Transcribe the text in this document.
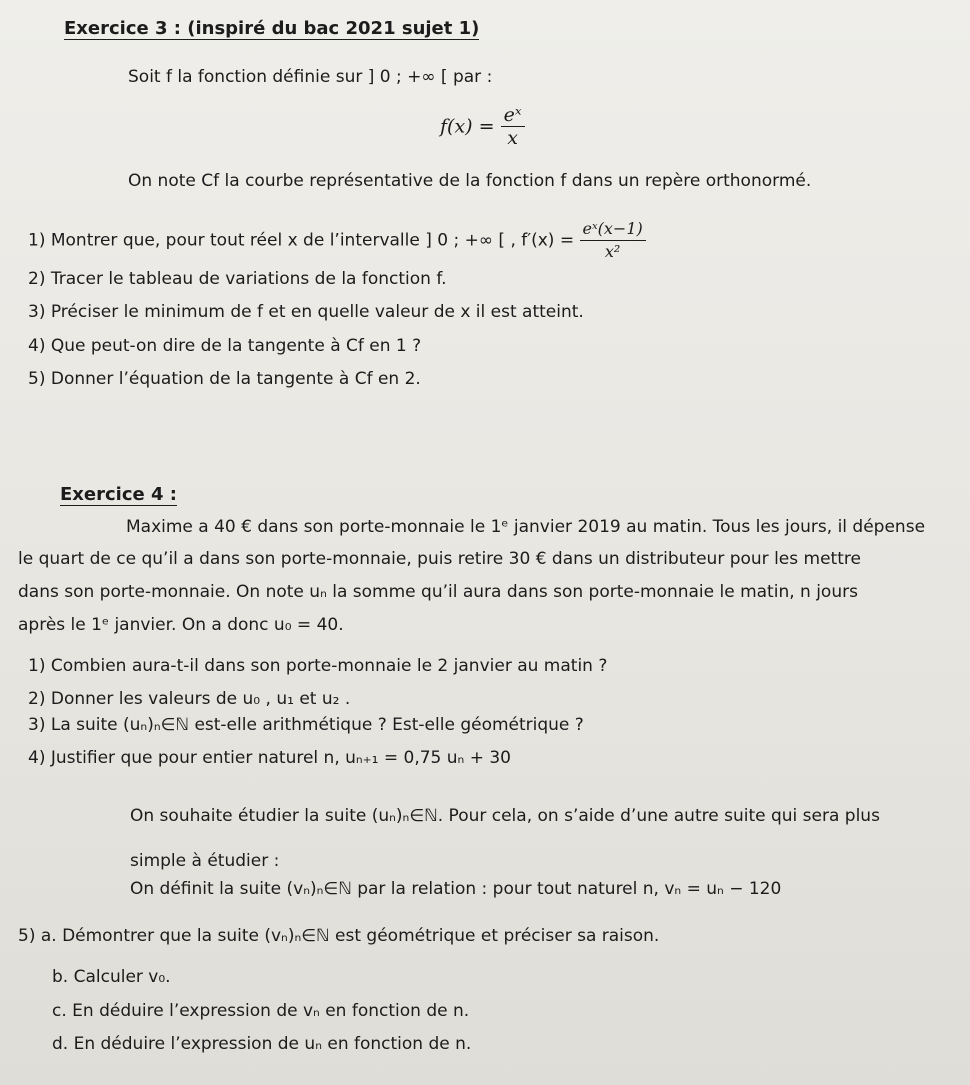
Exercice 3 : (inspiré du bac 2021 sujet 1)
Soit f la fonction définie sur ] 0 ; +∞ [ par :
$f(x) = \frac{\text{eˣ}}{x}$
On note Cf la courbe représentative de la fonction f dans un repère orthonormé.
1) Montrer que, pour tout réel x de l’intervalle ] 0 ; +∞ [ , $f'(x) = \frac{\text{eˣ(x−1)}}{\text{x²}}$
2) Tracer le tableau de variations de la fonction f.
3) Préciser le minimum de f et en quelle valeur de x il est atteint.
4) Que peut-on dire de la tangente à Cf en 1 ?
5) Donner l’équation de la tangente à Cf en 2.
Exercice 4 :
Maxime a 40 € dans son porte-monnaie le 1ᵉ janvier 2019 au matin. Tous les jours, il dépense
le quart de ce qu’il a dans son porte-monnaie, puis retire 30 € dans un distributeur pour les mettre
dans son porte-monnaie. On note uₙ la somme qu’il aura dans son porte-monnaie le matin, n jours
après le 1ᵉ janvier. On a donc u₀ = 40.
1) Combien aura-t-il dans son porte-monnaie le 2 janvier au matin ?
2) Donner les valeurs de u₀ , u₁ et u₂ .
3) La suite (uₙ)ₙ∈ℕ est-elle arithmétique ? Est-elle géométrique ?
4) Justifier que pour entier naturel n, uₙ₊₁ = 0,75 uₙ + 30
On souhaite étudier la suite (uₙ)ₙ∈ℕ. Pour cela, on s’aide d’une autre suite qui sera plus
simple à étudier :
On définit la suite (vₙ)ₙ∈ℕ par la relation : pour tout naturel n, vₙ = uₙ − 120
5) a. Démontrer que la suite (vₙ)ₙ∈ℕ est géométrique et préciser sa raison.
b. Calculer v₀.
c. En déduire l’expression de vₙ en fonction de n.
d. En déduire l’expression de uₙ en fonction de n.
